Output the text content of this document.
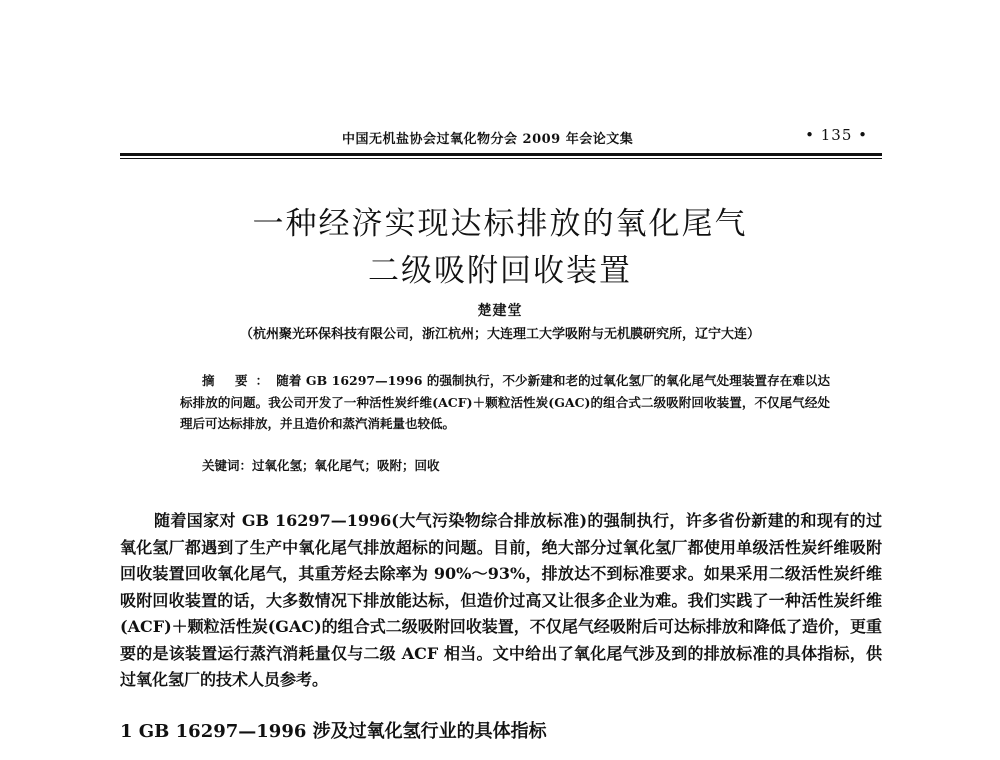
中国无机盐协会过氧化物分会 2009 年会论文集	• 135 •
一种经济实现达标排放的氧化尾气
二级吸附回收装置
楚建堂
（杭州聚光环保科技有限公司，浙江杭州；大连理工大学吸附与无机膜研究所，辽宁大连）
摘 要：随着 GB 16297—1996 的强制执行，不少新建和老的过氧化氢厂的氧化尾气处理装置存在难以达标排放的问题。我公司开发了一种活性炭纤维(ACF)＋颗粒活性炭(GAC)的组合式二级吸附回收装置，不仅尾气经处理后可达标排放，并且造价和蒸汽消耗量也较低。
关键词：过氧化氢；氧化尾气；吸附；回收
随着国家对 GB 16297—1996(大气污染物综合排放标准)的强制执行，许多省份新建的和现有的过氧化氢厂都遇到了生产中氧化尾气排放超标的问题。目前，绝大部分过氧化氢厂都使用单级活性炭纤维吸附回收装置回收氧化尾气，其重芳烃去除率为 90%～93%，排放达不到标准要求。如果采用二级活性炭纤维吸附回收装置的话，大多数情况下排放能达标，但造价过高又让很多企业为难。我们实践了一种活性炭纤维(ACF)＋颗粒活性炭(GAC)的组合式二级吸附回收装置，不仅尾气经吸附后可达标排放和降低了造价，更重要的是该装置运行蒸汽消耗量仅与二级 ACF 相当。文中给出了氧化尾气涉及到的排放标准的具体指标，供过氧化氢厂的技术人员参考。
1 GB 16297—1996 涉及过氧化氢行业的具体指标
